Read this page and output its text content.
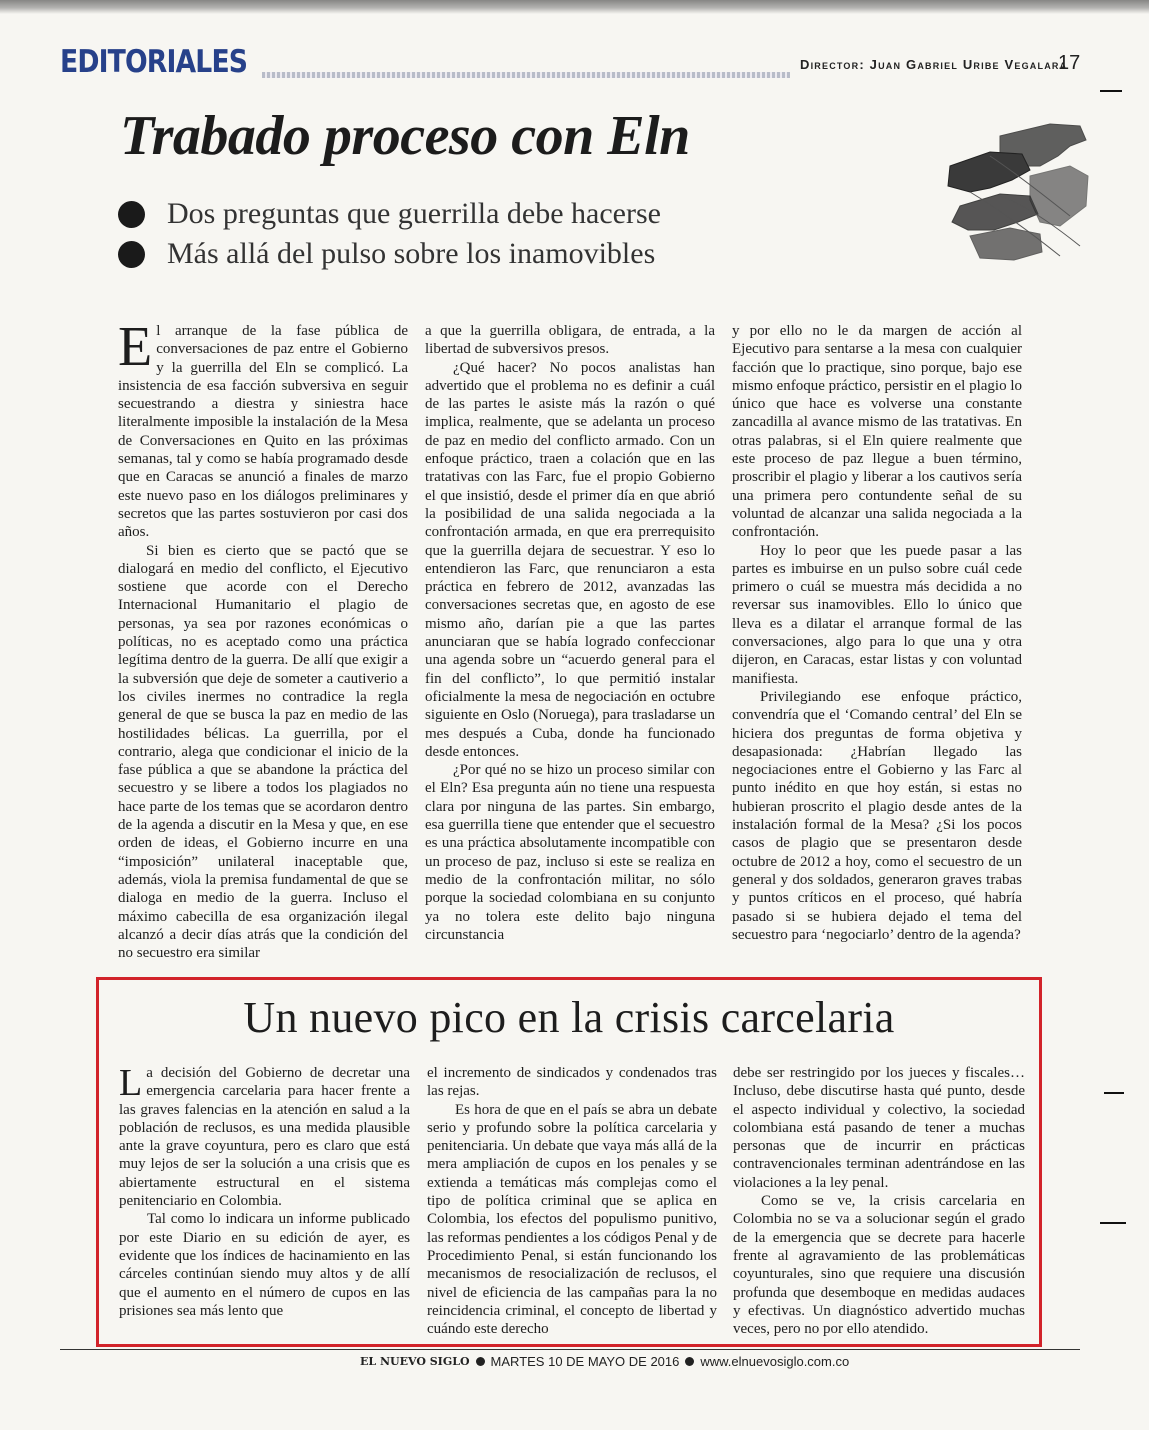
EDITORIALES	Director: Juan Gabriel Uribe Vegalara
17
Trabado proceso con Eln
Dos preguntas que guerrilla debe hacerse
Más allá del pulso sobre los inamovibles
E l arranque de la fase pública de conversaciones de paz entre el Gobierno y la guerrilla del Eln se complicó. La insistencia de esa facción subversiva en seguir secuestrando a diestra y siniestra hace literalmente imposible la instalación de la Mesa de Conversaciones en Quito en las próximas semanas, tal y como se había programado desde que en Caracas se anunció a finales de marzo este nuevo paso en los diálogos preliminares y secretos que las partes sostuvieron por casi dos años.

Si bien es cierto que se pactó que se dialogará en medio del conflicto, el Ejecutivo sostiene que acorde con el Derecho Internacional Humanitario el plagio de personas, ya sea por razones económicas o políticas, no es aceptado como una práctica legítima dentro de la guerra. De allí que exigir a la subversión que deje de someter a cautiverio a los civiles inermes no contradice la regla general de que se busca la paz en medio de las hostilidades bélicas. La guerrilla, por el contrario, alega que condicionar el inicio de la fase pública a que se abandone la práctica del secuestro y se libere a todos los plagiados no hace parte de los temas que se acordaron dentro de la agenda a discutir en la Mesa y que, en ese orden de ideas, el Gobierno incurre en una “imposición” unilateral inaceptable que, además, viola la premisa fundamental de que se dialoga en medio de la guerra. Incluso el máximo cabecilla de esa organización ilegal alcanzó a decir días atrás que la condición del no secuestro era similar

a que la guerrilla obligara, de entrada, a la libertad de subversivos presos.

¿Qué hacer? No pocos analistas han advertido que el problema no es definir a cuál de las partes le asiste más la razón o qué implica, realmente, que se adelanta un proceso de paz en medio del conflicto armado. Con un enfoque práctico, traen a colación que en las tratativas con las Farc, fue el propio Gobierno el que insistió, desde el primer día en que abrió la posibilidad de una salida negociada a la confrontación armada, en que era prerrequisito que la guerrilla dejara de secuestrar. Y eso lo entendieron las Farc, que renunciaron a esta práctica en febrero de 2012, avanzadas las conversaciones secretas que, en agosto de ese mismo año, darían pie a que las partes anunciaran que se había logrado confeccionar una agenda sobre un “acuerdo general para el fin del conflicto”, lo que permitió instalar oficialmente la mesa de negociación en octubre siguiente en Oslo (Noruega), para trasladarse un mes después a Cuba, donde ha funcionado desde entonces.

¿Por qué no se hizo un proceso similar con el Eln? Esa pregunta aún no tiene una respuesta clara por ninguna de las partes. Sin embargo, esa guerrilla tiene que entender que el secuestro es una práctica absolutamente incompatible con un proceso de paz, incluso si este se realiza en medio de la confrontación militar, no sólo porque la sociedad colombiana en su conjunto ya no tolera este delito bajo ninguna circunstancia

y por ello no le da margen de acción al Ejecutivo para sentarse a la mesa con cualquier facción que lo practique, sino porque, bajo ese mismo enfoque práctico, persistir en el plagio lo único que hace es volverse una constante zancadilla al avance mismo de las tratativas. En otras palabras, si el Eln quiere realmente que este proceso de paz llegue a buen término, proscribir el plagio y liberar a los cautivos sería una primera pero contundente señal de su voluntad de alcanzar una salida negociada a la confrontación.

Hoy lo peor que les puede pasar a las partes es imbuirse en un pulso sobre cuál cede primero o cuál se muestra más decidida a no reversar sus inamovibles. Ello lo único que lleva es a dilatar el arranque formal de las conversaciones, algo para lo que una y otra dijeron, en Caracas, estar listas y con voluntad manifiesta.

Privilegiando ese enfoque práctico, convendría que el ‘Comando central’ del Eln se hiciera dos preguntas de forma objetiva y desapasionada: ¿Habrían llegado las negociaciones entre el Gobierno y las Farc al punto inédito en que hoy están, si estas no hubieran proscrito el plagio desde antes de la instalación formal de la Mesa? ¿Si los pocos casos de plagio que se presentaron desde octubre de 2012 a hoy, como el secuestro de un general y dos soldados, generaron graves trabas y puntos críticos en el proceso, qué habría pasado si se hubiera dejado el tema del secuestro para ‘negociarlo’ dentro de la agenda?

Un nuevo pico en la crisis carcelaria
L a decisión del Gobierno de decretar una emergencia carcelaria para hacer frente a las graves falencias en la atención en salud a la población de reclusos, es una medida plausible ante la grave coyuntura, pero es claro que está muy lejos de ser la solución a una crisis que es abiertamente estructural en el sistema penitenciario en Colombia.

Tal como lo indicara un informe publicado por este Diario en su edición de ayer, es evidente que los índices de hacinamiento en las cárceles continúan siendo muy altos y de allí que el aumento en el número de cupos en las prisiones sea más lento que

el incremento de sindicados y condenados tras las rejas.

Es hora de que en el país se abra un debate serio y profundo sobre la política carcelaria y penitenciaria. Un debate que vaya más allá de la mera ampliación de cupos en los penales y se extienda a temáticas más complejas como el tipo de política criminal que se aplica en Colombia, los efectos del populismo punitivo, las reformas pendientes a los códigos Penal y de Procedimiento Penal, si están funcionando los mecanismos de resocialización de reclusos, el nivel de eficiencia de las campañas para la no reincidencia criminal, el concepto de libertad y cuándo este derecho

debe ser restringido por los jueces y fiscales… Incluso, debe discutirse hasta qué punto, desde el aspecto individual y colectivo, la sociedad colombiana está pasando de tener a muchas personas que de incurrir en prácticas contravencionales terminan adentrándose en las violaciones a la ley penal.

Como se ve, la crisis carcelaria en Colombia no se va a solucionar según el grado de la emergencia que se decrete para hacerle frente al agravamiento de las problemáticas coyunturales, sino que requiere una discusión profunda que desemboque en medidas audaces y efectivas. Un diagnóstico advertido muchas veces, pero no por ello atendido.

EL NUEVO SIGLO MARTES 10 DE MAYO DE 2016 www.elnuevosiglo.com.co
